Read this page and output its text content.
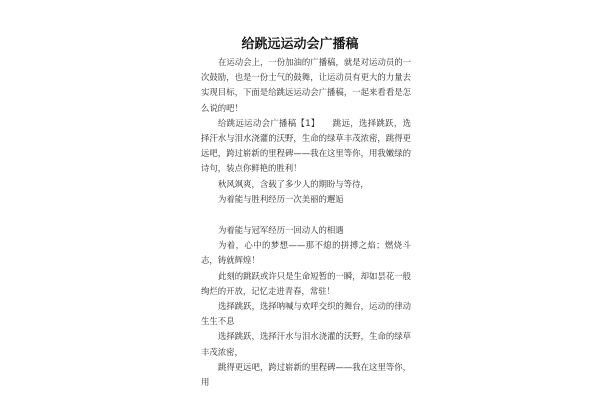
给跳远运动会广播稿

在运动会上，一份加油的广播稿，就是对运动员的一次鼓励，也是一份士气的鼓舞，让运动员有更大的力量去实现目标，下面是给跳远运动会广播稿，一起来看看是怎么说的吧！

给跳远运动会广播稿【1】　　跳远，选择跳跃，选择汗水与泪水浇灌的沃野，生命的绿草丰茂浓密，跳得更远吧，跨过崭新的里程碑——我在这里等你，用我嫩绿的诗句，装点你鲜艳的胜利！

秋风飒爽，含载了多少人的期盼与等待，

为着能与胜利经历一次美丽的邂逅

为着能与冠军经历一回动人的相遇

为着，心中的梦想——那不熄的拼搏之焰；燃烧斗志，铸就辉煌！

此刻的跳跃或许只是生命短暂的一瞬，却如昙花一般绚烂的开放，记忆走进青春，常驻！

选择跳跃，选择呐喊与欢呼交织的舞台，运动的律动生生不息

选择跳跃，选择汗水与泪水浇灌的沃野，生命的绿草丰茂浓密，

跳得更远吧，跨过崭新的里程碑——我在这里等你，用
